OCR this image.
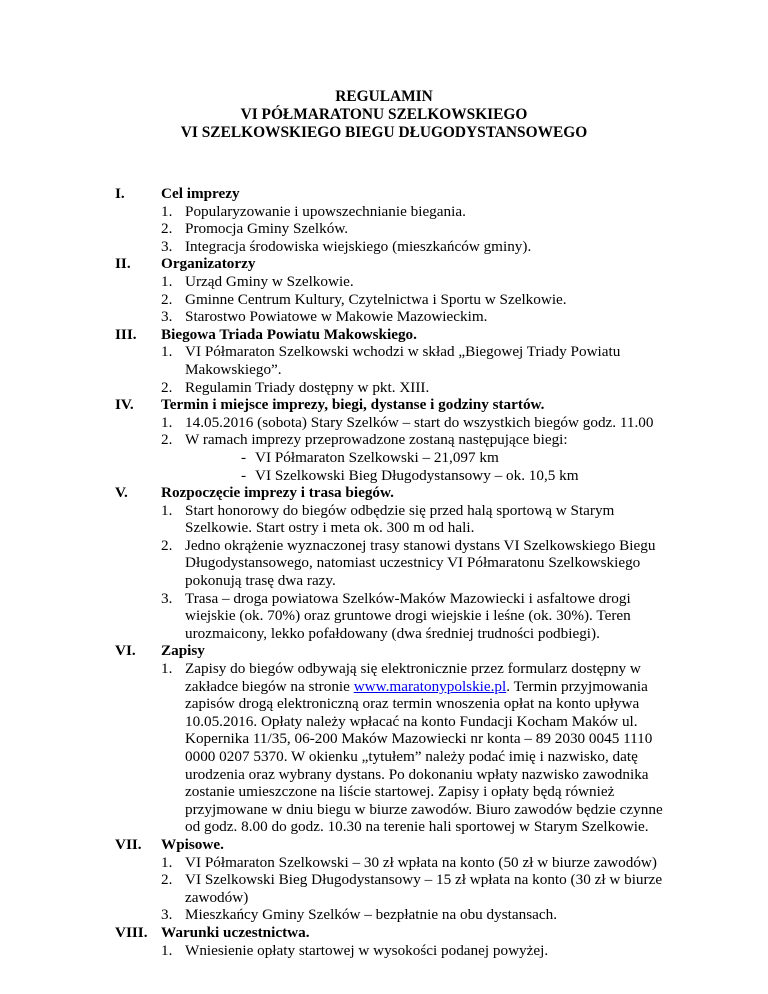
REGULAMIN
VI PÓŁMARATONU SZELKOWSKIEGO
VI SZELKOWSKIEGO BIEGU DŁUGODYSTANSOWEGO
I. Cel imprezy
1. Popularyzowanie i upowszechnianie biegania.
2. Promocja Gminy Szelków.
3. Integracja środowiska wiejskiego (mieszkańców gminy).
II. Organizatorzy
1. Urząd Gminy w Szelkowie.
2. Gminne Centrum Kultury, Czytelnictwa i Sportu w Szelkowie.
3. Starostwo Powiatowe w Makowie Mazowieckim.
III. Biegowa Triada Powiatu Makowskiego.
1. VI Półmaraton Szelkowski wchodzi w skład „Biegowej Triady Powiatu Makowskiego”.
2. Regulamin Triady dostępny w pkt. XIII.
IV. Termin i miejsce imprezy, biegi, dystanse i godziny startów.
1. 14.05.2016 (sobota) Stary Szelków – start do wszystkich biegów godz. 11.00
2. W ramach imprezy przeprowadzone zostaną następujące biegi:
- VI Półmaraton Szelkowski – 21,097 km
- VI Szelkowski Bieg Długodystansowy – ok. 10,5 km
V. Rozpoczęcie imprezy i trasa biegów.
1. Start honorowy do biegów odbędzie się przed halą sportową w Starym Szelkowie. Start ostry i meta ok. 300 m od hali.
2. Jedno okrążenie wyznaczonej trasy stanowi dystans VI Szelkowskiego Biegu Długodystansowego, natomiast uczestnicy VI Półmaratonu Szelkowskiego pokonują trasę dwa razy.
3. Trasa – droga powiatowa Szelków-Maków Mazowiecki i asfaltowe drogi wiejskie (ok. 70%) oraz gruntowe drogi wiejskie i leśne (ok. 30%). Teren urozmaicony, lekko pofałdowany (dwa średniej trudności podbiegi).
VI. Zapisy
1. Zapisy do biegów odbywają się elektronicznie przez formularz dostępny w zakładce biegów na stronie www.maratonypolskie.pl. Termin przyjmowania zapisów drogą elektroniczną oraz termin wnoszenia opłat na konto upływa 10.05.2016. Opłaty należy wpłacać na konto Fundacji Kocham Maków ul. Kopernika 11/35, 06-200 Maków Mazowiecki nr konta – 89 2030 0045 1110 0000 0207 5370. W okienku „tytułem” należy podać imię i nazwisko, datę urodzenia oraz wybrany dystans. Po dokonaniu wpłaty nazwisko zawodnika zostanie umieszczone na liście startowej. Zapisy i opłaty będą również przyjmowane w dniu biegu w biurze zawodów. Biuro zawodów będzie czynne od godz. 8.00 do godz. 10.30 na terenie hali sportowej w Starym Szelkowie.
VII. Wpisowe.
1. VI Półmaraton Szelkowski – 30 zł wpłata na konto (50 zł w biurze zawodów)
2. VI Szelkowski Bieg Długodystansowy – 15 zł wpłata na konto (30 zł w biurze zawodów)
3. Mieszkańcy Gminy Szelków – bezpłatnie na obu dystansach.
VIII. Warunki uczestnictwa.
1. Wniesienie opłaty startowej w wysokości podanej powyżej.
